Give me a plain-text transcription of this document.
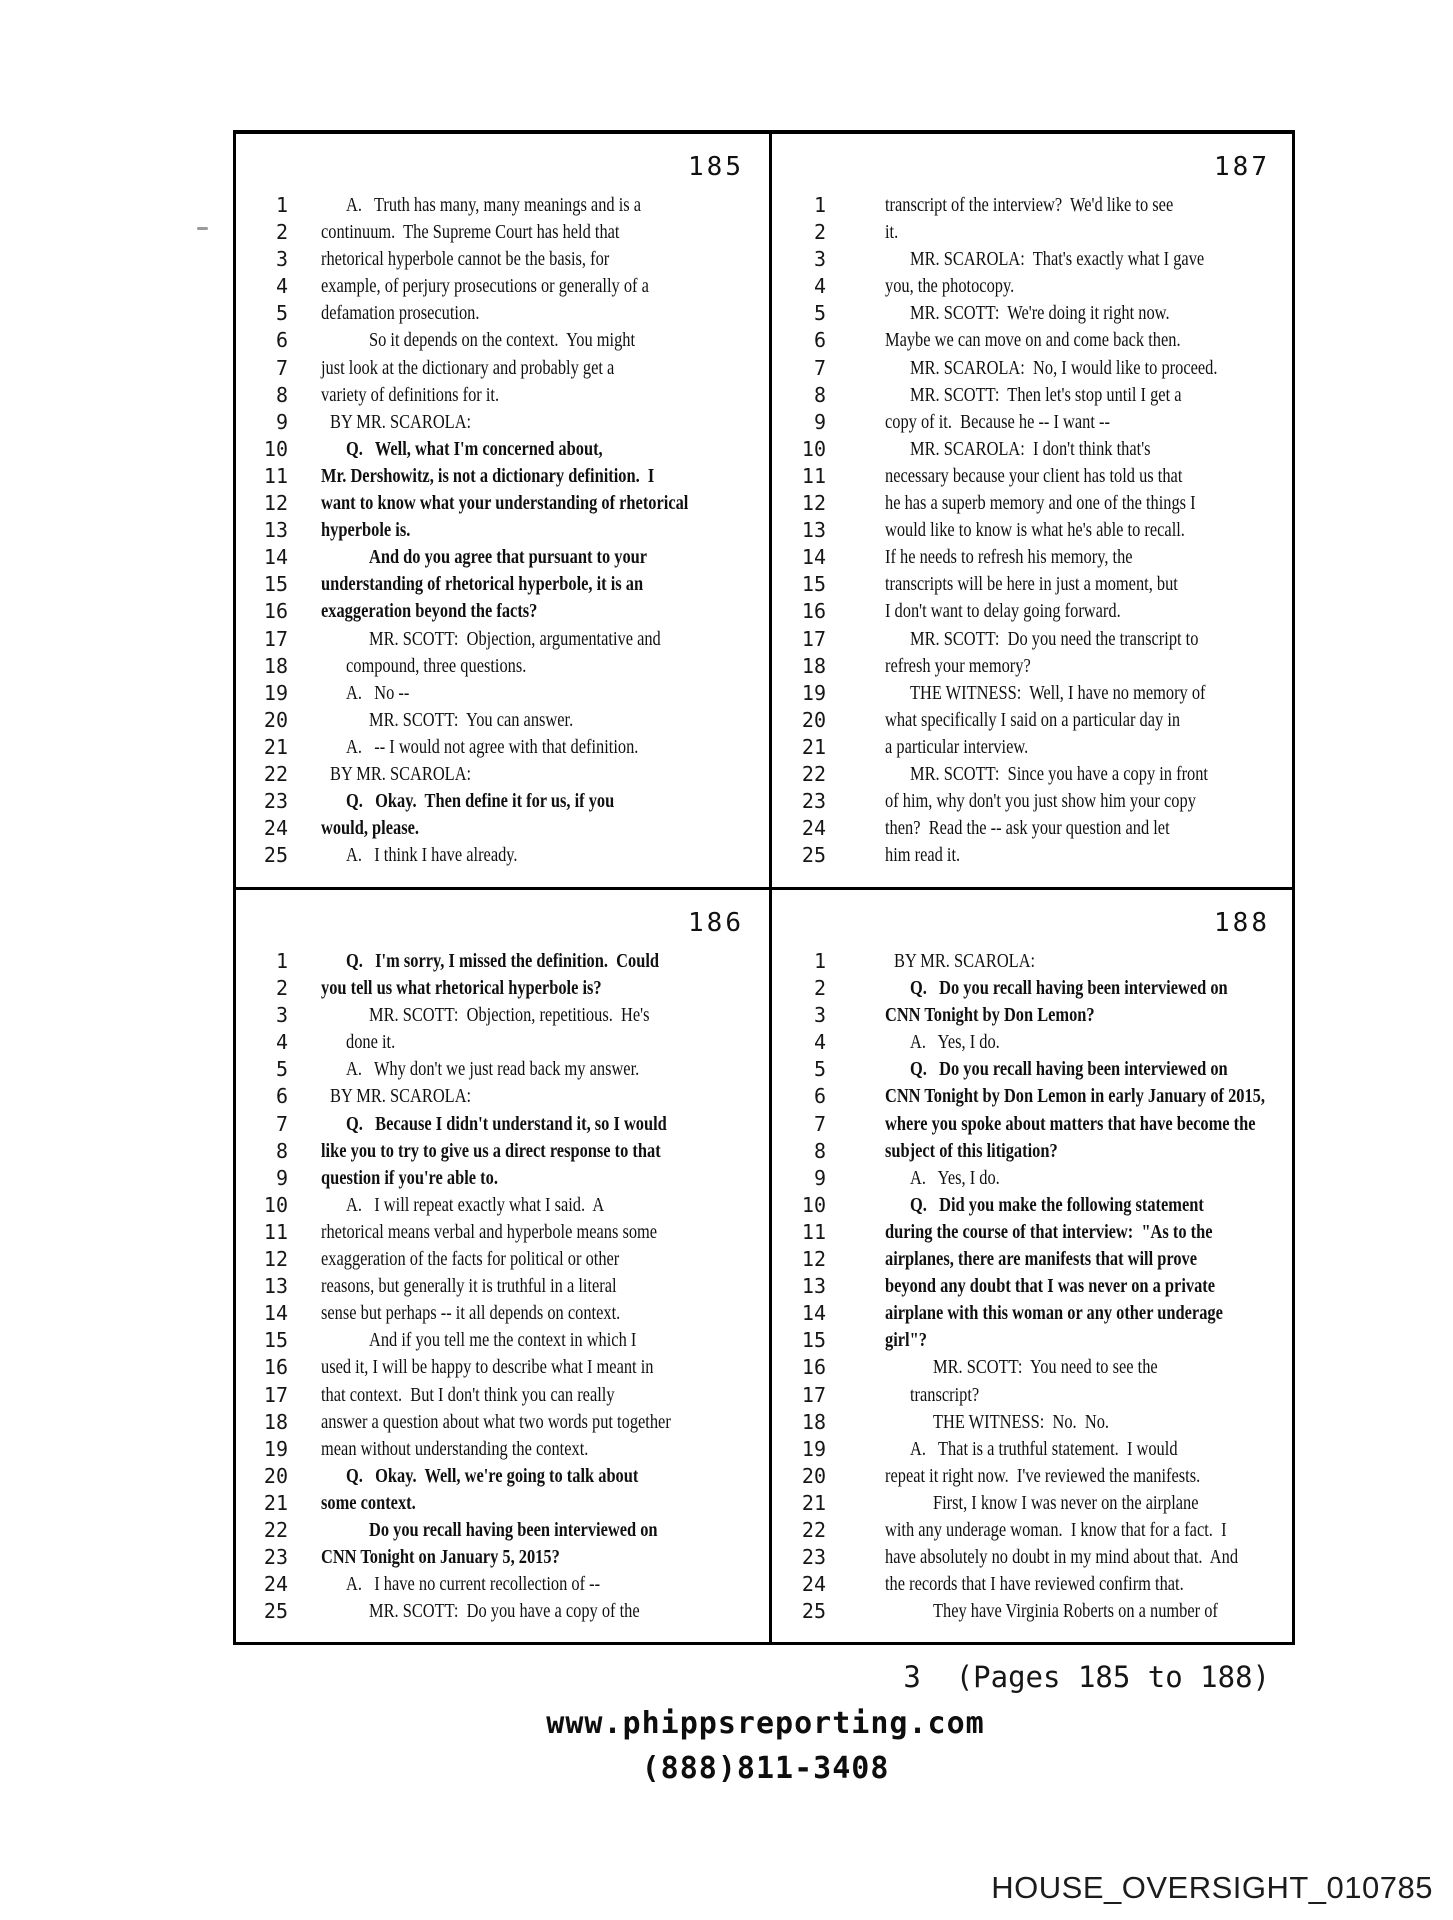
185
1	A.   Truth has many, many meanings and is a
2 continuum.  The Supreme Court has held that
3 rhetorical hyperbole cannot be the basis, for
4 example, of perjury prosecutions or generally of a
5 defamation prosecution.
6	So it depends on the context.  You might
7 just look at the dictionary and probably get a
8 variety of definitions for it.
9 BY MR. SCAROLA:
10	Q.   Well, what I'm concerned about,
11 Mr. Dershowitz, is not a dictionary definition.  I
12 want to know what your understanding of rhetorical
13 hyperbole is.
14	And do you agree that pursuant to your
15 understanding of rhetorical hyperbole, it is an
16 exaggeration beyond the facts?
17	MR. SCOTT:  Objection, argumentative and
18	compound, three questions.
19	A.   No --
20	MR. SCOTT:  You can answer.
21	A.   -- I would not agree with that definition.
22 BY MR. SCAROLA:
23	Q.   Okay.  Then define it for us, if you
24 would, please.
25	A.   I think I have already.
187
1	transcript of the interview?  We'd like to see
2	it.
3	MR. SCAROLA:  That's exactly what I gave
4	you, the photocopy.
5	MR. SCOTT:  We're doing it right now.
6	Maybe we can move on and come back then.
7	MR. SCAROLA:  No, I would like to proceed.
8	MR. SCOTT:  Then let's stop until I get a
9	copy of it.  Because he -- I want --
10	MR. SCAROLA:  I don't think that's
11	necessary because your client has told us that
12	he has a superb memory and one of the things I
13	would like to know is what he's able to recall.
14	If he needs to refresh his memory, the
15	transcripts will be here in just a moment, but
16	I don't want to delay going forward.
17	MR. SCOTT:  Do you need the transcript to
18	refresh your memory?
19	THE WITNESS:  Well, I have no memory of
20	what specifically I said on a particular day in
21	a particular interview.
22	MR. SCOTT:  Since you have a copy in front
23	of him, why don't you just show him your copy
24	then?  Read the -- ask your question and let
25	him read it.
186
1	Q.   I'm sorry, I missed the definition.  Could
2 you tell us what rhetorical hyperbole is?
3	MR. SCOTT:  Objection, repetitious.  He's
4	done it.
5	A.   Why don't we just read back my answer.
6 BY MR. SCAROLA:
7	Q.   Because I didn't understand it, so I would
8 like you to try to give us a direct response to that
9 question if you're able to.
10	A.   I will repeat exactly what I said.  A
11 rhetorical means verbal and hyperbole means some
12 exaggeration of the facts for political or other
13 reasons, but generally it is truthful in a literal
14 sense but perhaps -- it all depends on context.
15	And if you tell me the context in which I
16 used it, I will be happy to describe what I meant in
17 that context.  But I don't think you can really
18 answer a question about what two words put together
19 mean without understanding the context.
20	Q.   Okay.  Well, we're going to talk about
21 some context.
22	Do you recall having been interviewed on
23 CNN Tonight on January 5, 2015?
24	A.   I have no current recollection of --
25	MR. SCOTT:  Do you have a copy of the
188
1	BY MR. SCAROLA:
2	Q.   Do you recall having been interviewed on
3	CNN Tonight by Don Lemon?
4	A.   Yes, I do.
5	Q.   Do you recall having been interviewed on
6	CNN Tonight by Don Lemon in early January of 2015,
7	where you spoke about matters that have become the
8	subject of this litigation?
9	A.   Yes, I do.
10	Q.   Did you make the following statement
11	during the course of that interview:  "As to the
12	airplanes, there are manifests that will prove
13	beyond any doubt that I was never on a private
14	airplane with this woman or any other underage
15	girl"?
16	MR. SCOTT:  You need to see the
17	transcript?
18	THE WITNESS:  No.  No.
19	A.   That is a truthful statement.  I would
20	repeat it right now.  I've reviewed the manifests.
21	First, I know I was never on the airplane
22	with any underage woman.  I know that for a fact.  I
23	have absolutely no doubt in my mind about that.  And
24	the records that I have reviewed confirm that.
25	They have Virginia Roberts on a number of
3  (Pages 185 to 188)
www.phippsreporting.com
(888)811-3408
HOUSE_OVERSIGHT_010785
